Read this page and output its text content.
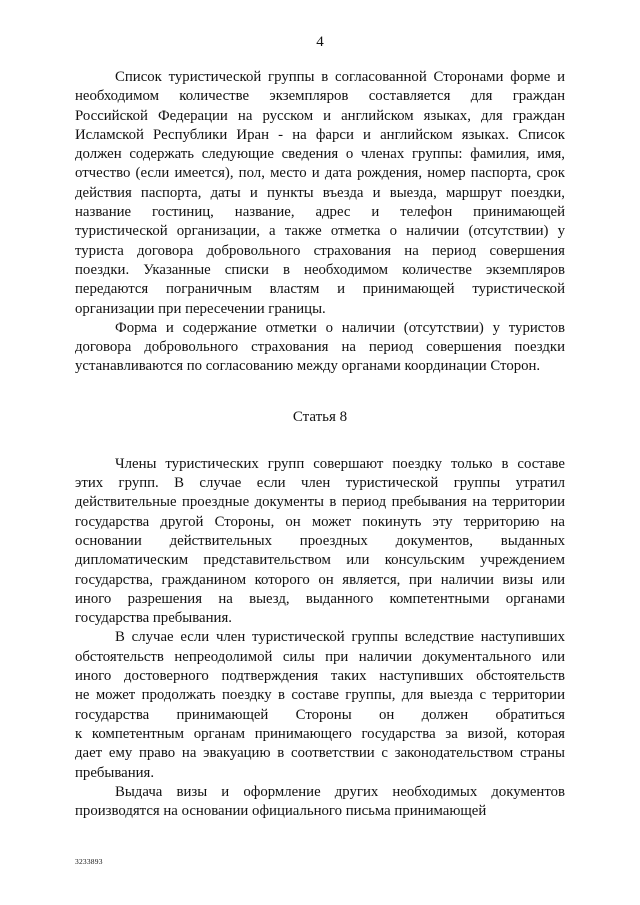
4
Список туристической группы в согласованной Сторонами форме и
необходимом количестве экземпляров составляется для граждан
Российской Федерации на русском и английском языках, для граждан
Исламской Республики Иран - на фарси и английском языках. Список
должен содержать следующие сведения о членах группы: фамилия, имя,
отчество (если имеется), пол, место и дата рождения, номер паспорта, срок
действия паспорта, даты и пункты въезда и выезда, маршрут поездки,
название гостиниц, название, адрес и телефон принимающей
туристической организации, а также отметка о наличии (отсутствии) у
туриста договора добровольного страхования на период совершения
поездки. Указанные списки в необходимом количестве экземпляров
передаются пограничным властям и принимающей туристической
организации при пересечении границы.
Форма и содержание отметки о наличии (отсутствии) у туристов
договора добровольного страхования на период совершения поездки
устанавливаются по согласованию между органами координации Сторон.
Статья 8
Члены туристических групп совершают поездку только в составе
этих групп. В случае если член туристической группы утратил
действительные проездные документы в период пребывания на территории
государства другой Стороны, он может покинуть эту территорию на
основании действительных проездных документов, выданных
дипломатическим представительством или консульским учреждением
государства, гражданином которого он является, при наличии визы или
иного разрешения на выезд, выданного компетентными органами
государства пребывания.
В случае если член туристической группы вследствие наступивших
обстоятельств непреодолимой силы при наличии документального или
иного достоверного подтверждения таких наступивших обстоятельств
не может продолжать поездку в составе группы, для выезда с территории
государства принимающей Стороны он должен обратиться
к компетентным органам принимающего государства за визой, которая
дает ему право на эвакуацию в соответствии с законодательством страны
пребывания.
Выдача визы и оформление других необходимых документов
производятся на основании официального письма принимающей
3233893
